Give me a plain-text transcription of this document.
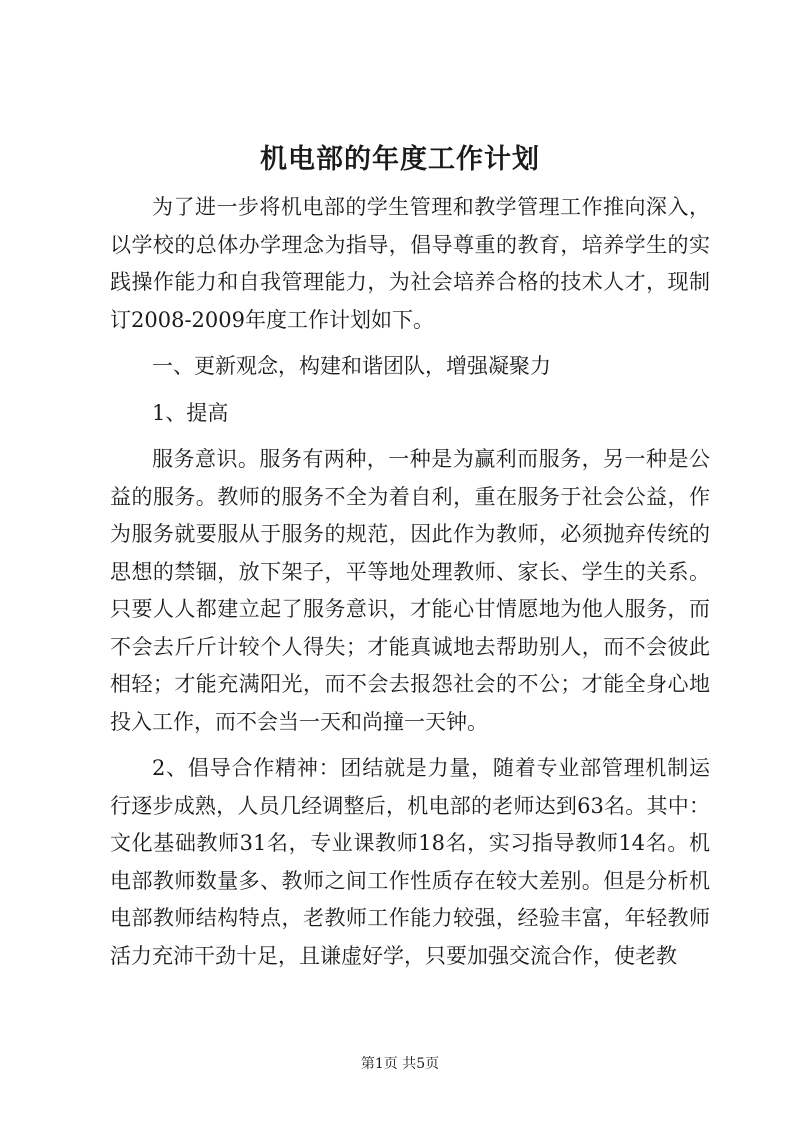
机电部的年度工作计划

为了进一步将机电部的学生管理和教学管理工作推向深入，以学校的总体办学理念为指导，倡导尊重的教育，培养学生的实践操作能力和自我管理能力，为社会培养合格的技术人才，现制订2008-2009年度工作计划如下。

一、更新观念，构建和谐团队，增强凝聚力

1、提高

服务意识。服务有两种，一种是为赢利而服务，另一种是公益的服务。教师的服务不全为着自利，重在服务于社会公益，作为服务就要服从于服务的规范，因此作为教师，必须抛弃传统的思想的禁锢，放下架子，平等地处理教师、家长、学生的关系。只要人人都建立起了服务意识，才能心甘情愿地为他人服务，而不会去斤斤计较个人得失；才能真诚地去帮助别人，而不会彼此相轻；才能充满阳光，而不会去报怨社会的不公；才能全身心地投入工作，而不会当一天和尚撞一天钟。

2、倡导合作精神：团结就是力量，随着专业部管理机制运行逐步成熟，人员几经调整后，机电部的老师达到63名。其中：文化基础教师31名，专业课教师18名，实习指导教师14名。机电部教师数量多、教师之间工作性质存在较大差别。但是分析机电部教师结构特点，老教师工作能力较强，经验丰富，年轻教师活力充沛干劲十足，且谦虚好学，只要加强交流合作，使老教

第1页 共5页
